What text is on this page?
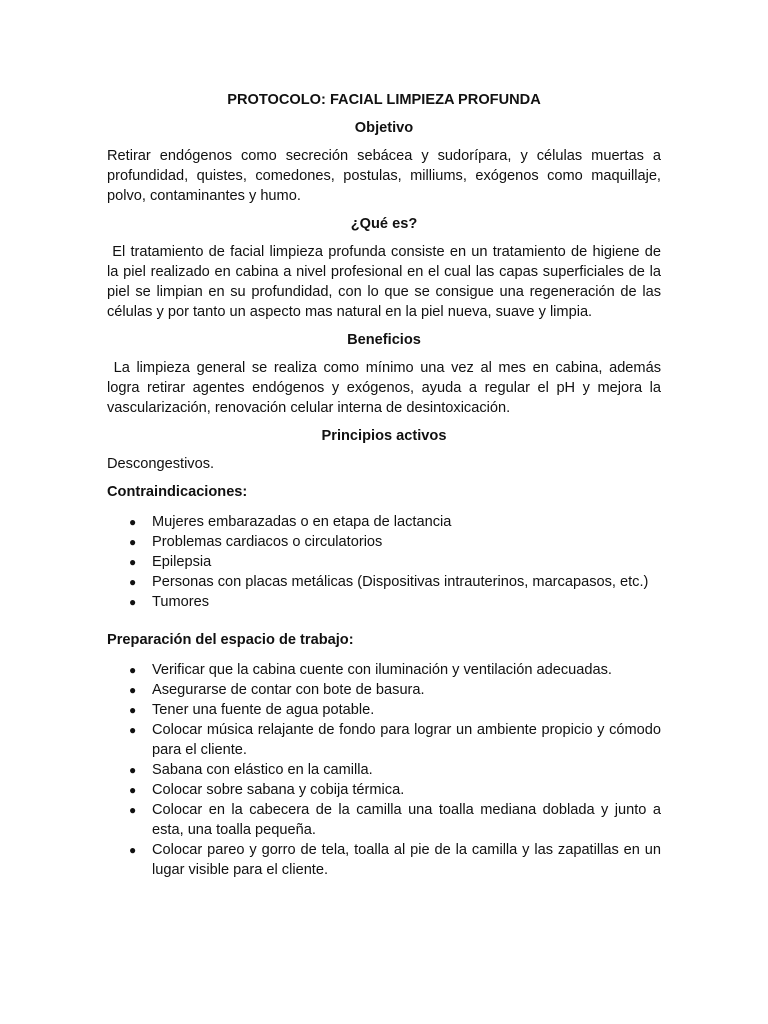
PROTOCOLO: FACIAL LIMPIEZA PROFUNDA
Objetivo

Retirar endógenos como secreción sebácea y sudorípara, y células muertas a profundidad, quistes, comedones, postulas, milliums, exógenos como maquillaje, polvo, contaminantes y humo.

¿Qué es?

El tratamiento de facial limpieza profunda consiste en un tratamiento de higiene de la piel realizado en cabina a nivel profesional en el cual las capas superficiales de la piel se limpian en su profundidad, con lo que se consigue una regeneración de las células y por tanto un aspecto mas natural en la piel nueva, suave y limpia.

Beneficios

La limpieza general se realiza como mínimo una vez al mes en cabina, además logra retirar agentes endógenos y exógenos, ayuda a regular el pH y mejora la vascularización, renovación celular interna de desintoxicación.

Principios activos

Descongestivos.

Contraindicaciones:
● Mujeres embarazadas o en etapa de lactancia
● Problemas cardiacos o circulatorios
● Epilepsia
● Personas con placas metálicas (Dispositivas intrauterinos, marcapasos, etc.)
● Tumores
Preparación del espacio de trabajo:
● Verificar que la cabina cuente con iluminación y ventilación adecuadas.
● Asegurarse de contar con bote de basura.
● Tener una fuente de agua potable.
● Colocar música relajante de fondo para lograr un ambiente propicio y cómodo para el cliente.
● Sabana con elástico en la camilla.
● Colocar sobre sabana y cobija térmica.
● Colocar en la cabecera de la camilla una toalla mediana doblada y junto a esta, una toalla pequeña.
● Colocar pareo y gorro de tela, toalla al pie de la camilla y las zapatillas en un lugar visible para el cliente.
